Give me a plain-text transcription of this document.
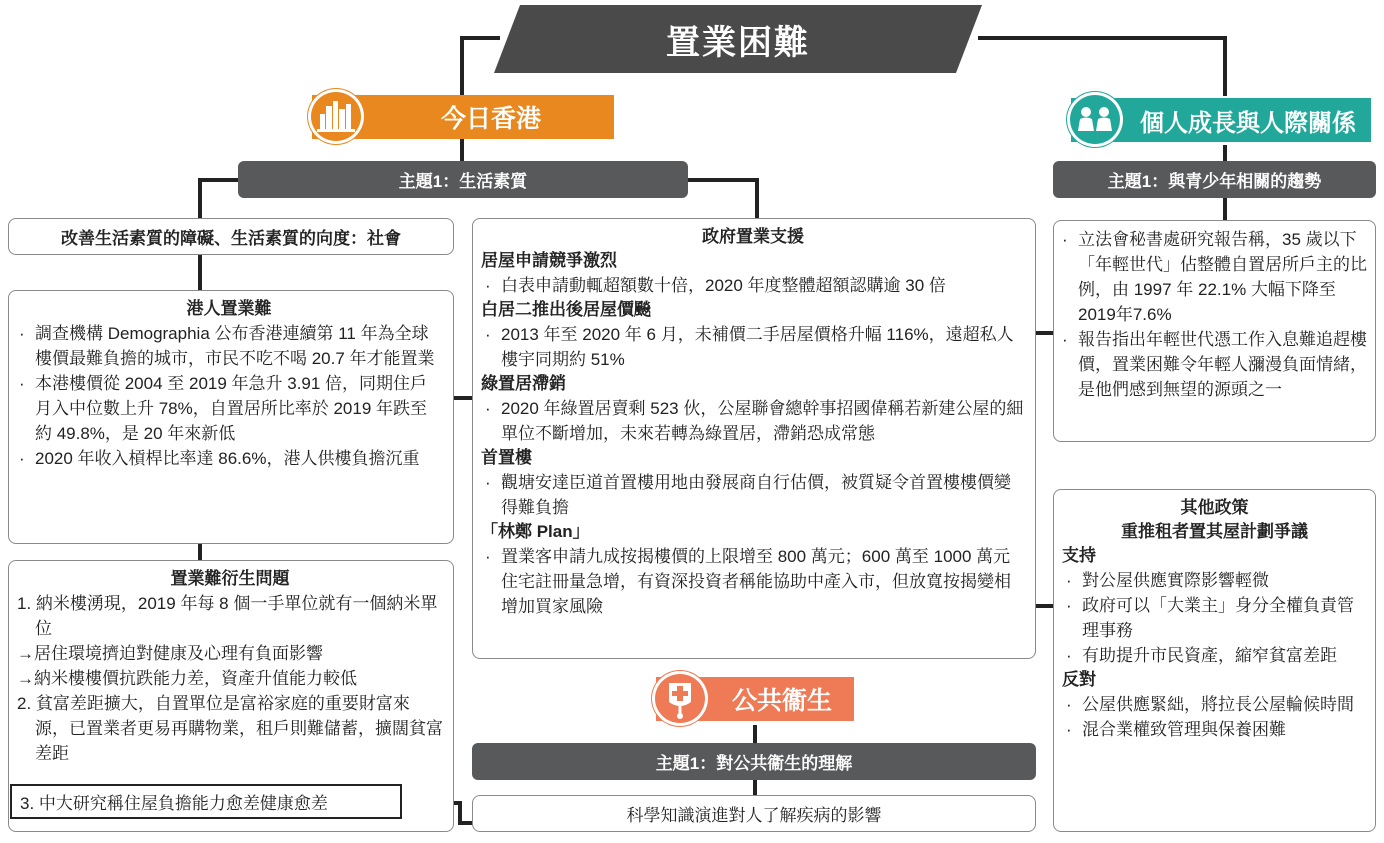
置業困難
今日香港
主題1：生活素質
改善生活素質的障礙、生活素質的向度：社會
港人置業難
· 調查機構 Demographia 公布香港連續第 11 年為全球樓價最難負擔的城市，市民不吃不喝 20.7 年才能置業
· 本港樓價從 2004 至 2019 年急升 3.91 倍，同期住戶月入中位數上升 78%，自置居所比率於 2019 年跌至約 49.8%，是 20 年來新低
· 2020 年收入槓桿比率達 86.6%，港人供樓負擔沉重
置業難衍生問題
1. 納米樓湧現，2019 年每 8 個一手單位就有一個納米單位
→居住環境擠迫對健康及心理有負面影響
→納米樓樓價抗跌能力差，資產升值能力較低
2. 貧富差距擴大，自置單位是富裕家庭的重要財富來源，已置業者更易再購物業，租戶則難儲蓄，擴闊貧富差距
3. 中大研究稱住屋負擔能力愈差健康愈差
政府置業支援
居屋申請競爭激烈
· 白表申請動輒超額數十倍，2020 年度整體超額認購逾 30 倍
白居二推出後居屋價飈
· 2013 年至 2020 年 6 月，未補價二手居屋價格升幅 116%，遠超私人樓宇同期約 51%
綠置居滯銷
· 2020 年綠置居賣剩 523 伙，公屋聯會總幹事招國偉稱若新建公屋的細單位不斷增加，未來若轉為綠置居，滯銷恐成常態
首置樓
· 觀塘安達臣道首置樓用地由發展商自行估價，被質疑令首置樓樓價變得難負擔
「林鄭 Plan」
· 置業客申請九成按揭樓價的上限增至 800 萬元；600 萬至 1000 萬元住宅註冊量急增，有資深投資者稱能協助中產入市，但放寬按揭變相增加買家風險
公共衞生
主題1：對公共衞生的理解
科學知識演進對人了解疾病的影響
個人成長與人際關係
主題1：與青少年相關的趨勢
· 立法會秘書處研究報告稱，35 歲以下「年輕世代」佔整體自置居所戶主的比例，由 1997 年 22.1% 大幅下降至2019年7.6%
· 報告指出年輕世代憑工作入息難追趕樓價，置業困難令年輕人瀰漫負面情緒，是他們感到無望的源頭之一
其他政策
重推租者置其屋計劃爭議
支持
· 對公屋供應實際影響輕微
· 政府可以「大業主」身分全權負責管理事務
· 有助提升市民資產，縮窄貧富差距
反對
· 公屋供應緊絀，將拉長公屋輪候時間
· 混合業權致管理與保養困難
